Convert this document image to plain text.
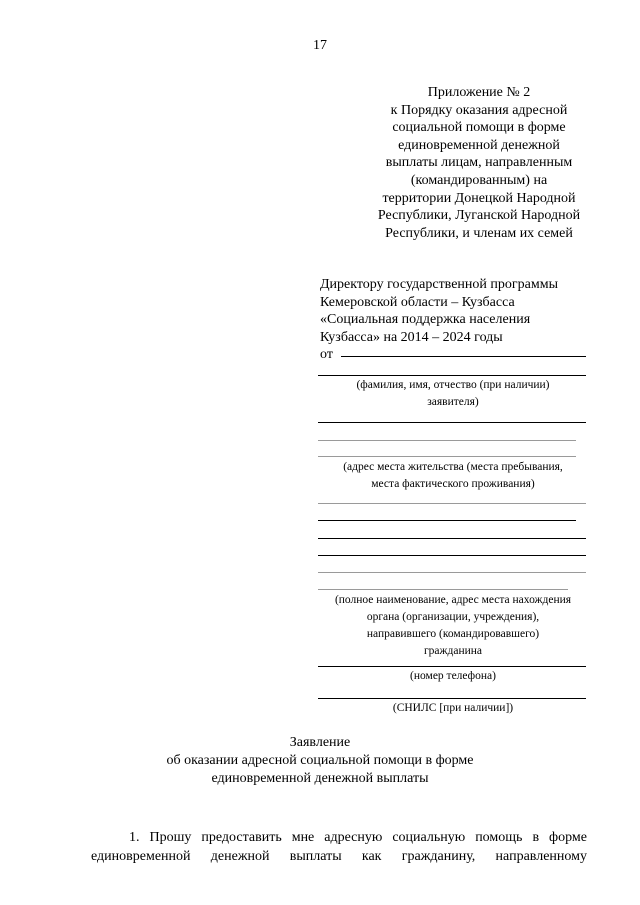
17
Приложение № 2
к Порядку оказания адресной
социальной помощи в форме
единовременной денежной
выплаты лицам, направленным
(командированным) на
территории Донецкой Народной
Республики, Луганской Народной
Республики, и членам их семей
Директору государственной программы
Кемеровской области – Кузбасса
«Социальная поддержка населения
Кузбасса» на 2014 – 2024 годы
от
(фамилия, имя, отчество (при наличии)
заявителя)
(адрес места жительства (места пребывания,
места фактического проживания)
(полное наименование, адрес места нахождения
органа (организации, учреждения),
направившего (командировавшего)
гражданина
(номер телефона)
(СНИЛС [при наличии])
Заявление
об оказании адресной социальной помощи в форме
единовременной денежной выплаты
1. Прошу предоставить мне адресную социальную помощь в форме
единовременной денежной выплаты как гражданину, направленному
